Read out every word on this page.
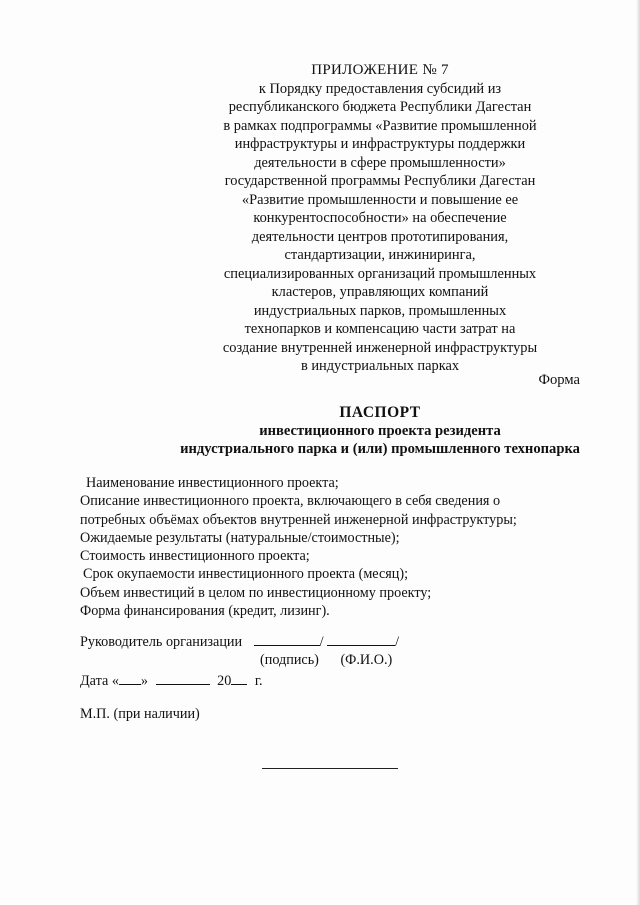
ПРИЛОЖЕНИЕ № 7
к Порядку предоставления субсидий из
республиканского бюджета Республики Дагестан
в рамках подпрограммы «Развитие промышленной
инфраструктуры и инфраструктуры поддержки
деятельности в сфере промышленности»
государственной программы Республики Дагестан
«Развитие промышленности и повышение ее
конкурентоспособности» на обеспечение
деятельности центров прототипирования,
стандартизации, инжиниринга,
специализированных организаций промышленных
кластеров, управляющих компаний
индустриальных парков, промышленных
технопарков и компенсацию части затрат на
создание внутренней инженерной инфраструктуры
в индустриальных парках
Форма
ПАСПОРТ
инвестиционного проекта резидента
индустриального парка и (или) промышленного технопарка
Наименование инвестиционного проекта;
Описание инвестиционного проекта, включающего в себя сведения о
потребных объёмах объектов внутренней инженерной инфраструктуры;
Ожидаемые результаты (натуральные/стоимостные);
Стоимость инвестиционного проекта;
Срок окупаемости инвестиционного проекта (месяц);
Объем инвестиций в целом по инвестиционному проекту;
Форма финансирования (кредит, лизинг).
Руководитель организации	/	/
(подпись) (Ф.И.О.)
Дата « »	20 г.
М.П. (при наличии)
